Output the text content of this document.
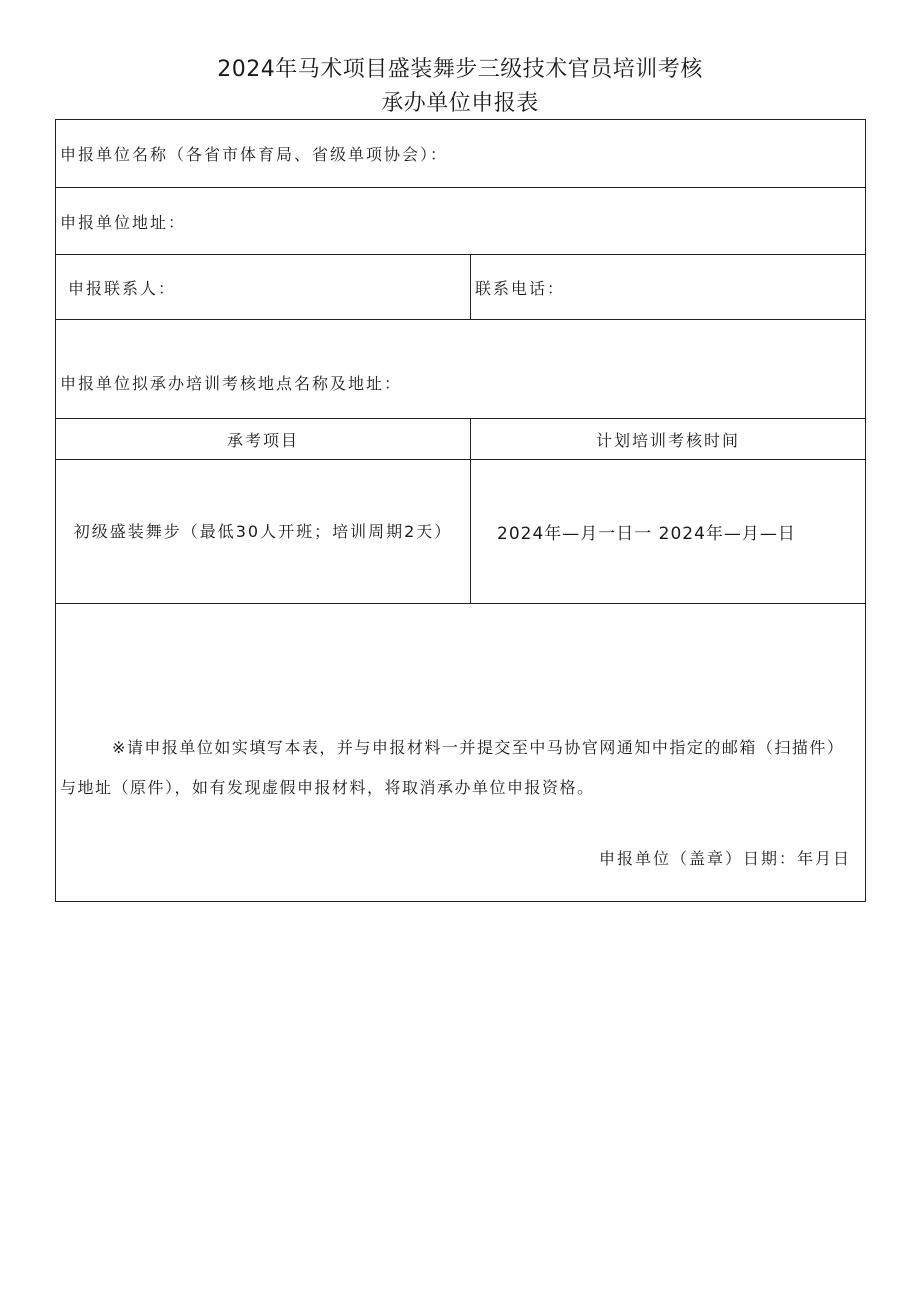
2024年马术项目盛装舞步三级技术官员培训考核
承办单位申报表
申报单位名称（各省市体育局、省级单项协会）：	
申报单位地址：	
申报联系人：	联系电话：

申报单位拟承办培训考核地点名称及地址：	

承考项目	计划培训考核时间

初级盛装舞步（最低30人开班；培训周期2天）	2024年—月一日一 2024年—月—日

※请申报单位如实填写本表，并与申报材料一并提交至中马协官网通知中指定的邮箱（扫描件）与地址（原件），如有发现虚假申报材料，将取消承办单位申报资格。
申报单位（盖章）日期：年月日	
